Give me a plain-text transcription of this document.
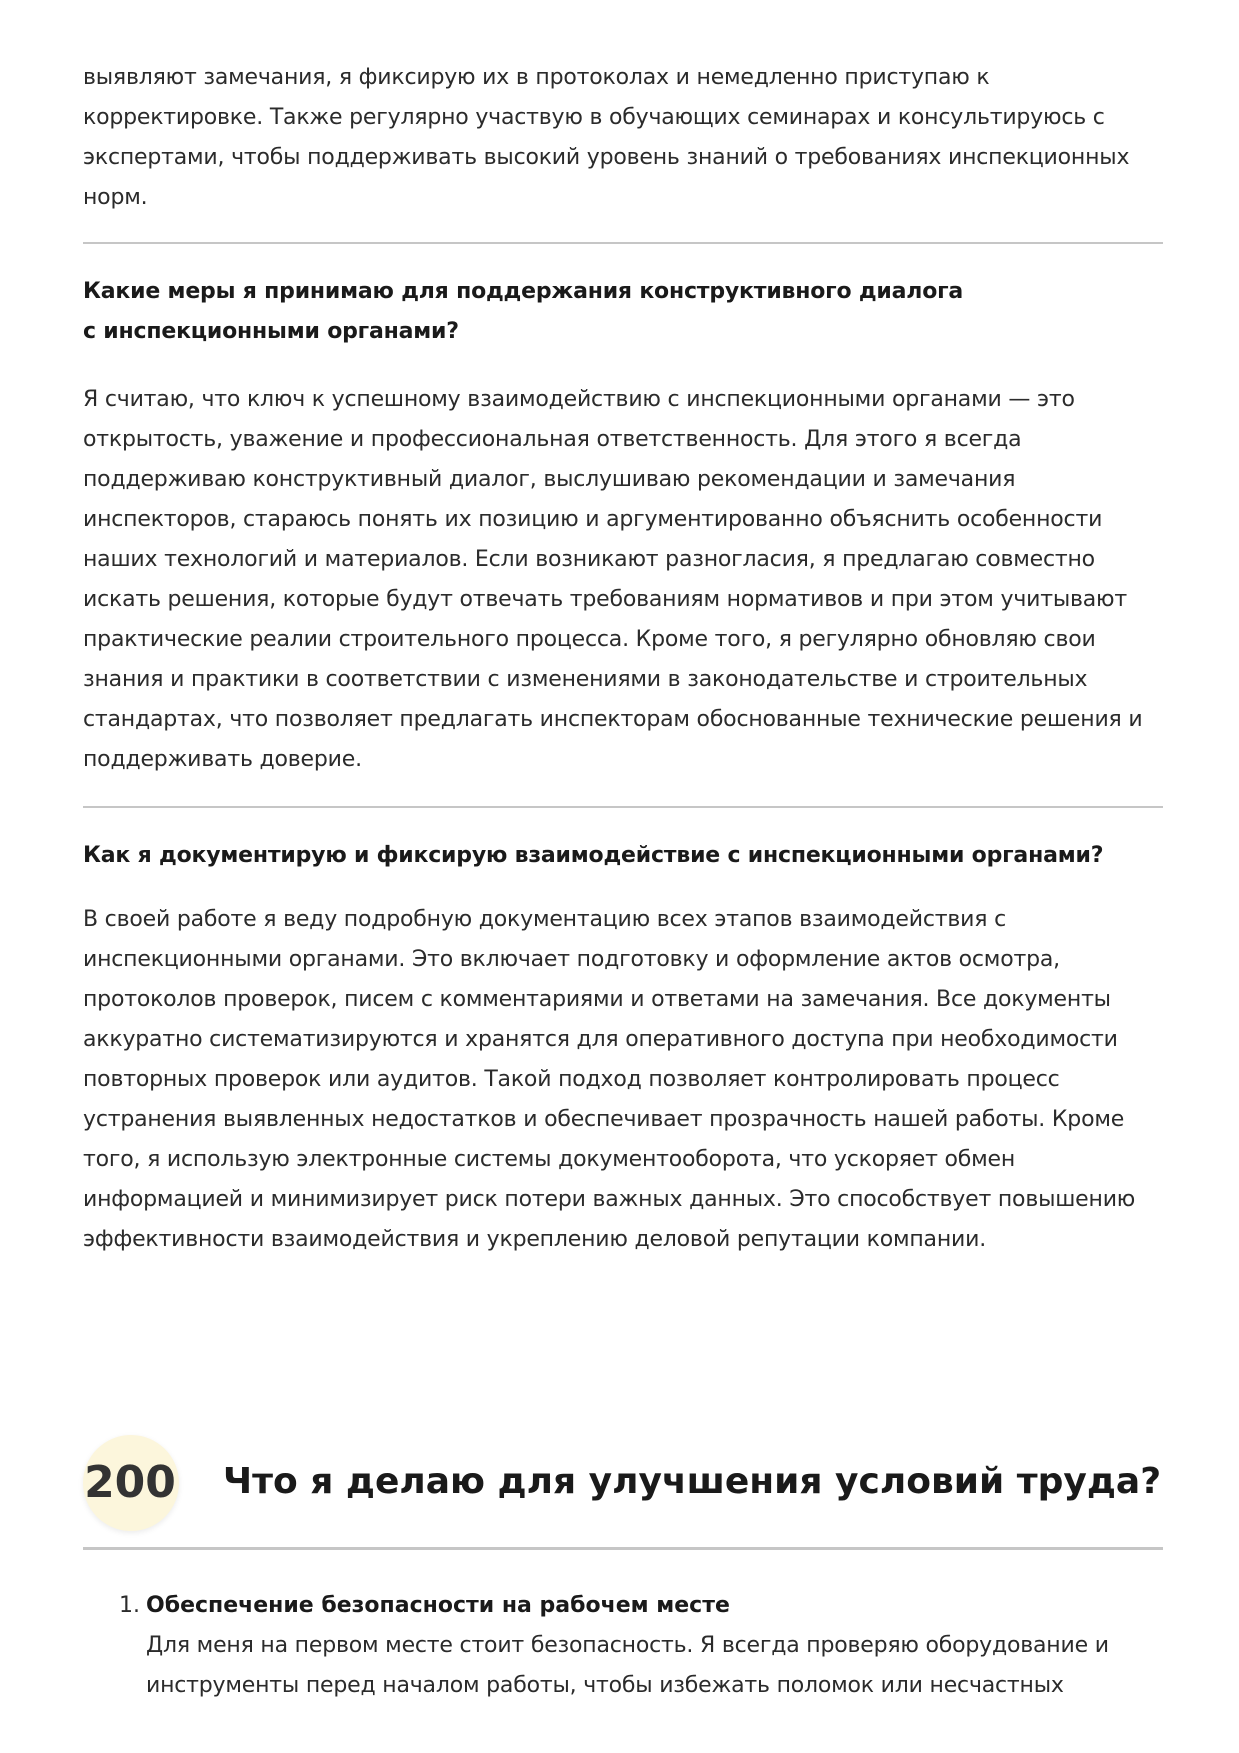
выявляют замечания, я фиксирую их в протоколах и немедленно приступаю к корректировке. Также регулярно участвую в обучающих семинарах и консультируюсь с экспертами, чтобы поддерживать высокий уровень знаний о требованиях инспекционных норм.

Какие меры я принимаю для поддержания конструктивного диалога с инспекционными органами?

Я считаю, что ключ к успешному взаимодействию с инспекционными органами — это открытость, уважение и профессиональная ответственность. Для этого я всегда поддерживаю конструктивный диалог, выслушиваю рекомендации и замечания инспекторов, стараюсь понять их позицию и аргументированно объяснить особенности наших технологий и материалов. Если возникают разногласия, я предлагаю совместно искать решения, которые будут отвечать требованиям нормативов и при этом учитывают практические реалии строительного процесса. Кроме того, я регулярно обновляю свои знания и практики в соответствии с изменениями в законодательстве и строительных стандартах, что позволяет предлагать инспекторам обоснованные технические решения и поддерживать доверие.

Как я документирую и фиксирую взаимодействие с инспекционными органами?

В своей работе я веду подробную документацию всех этапов взаимодействия с инспекционными органами. Это включает подготовку и оформление актов осмотра, протоколов проверок, писем с комментариями и ответами на замечания. Все документы аккуратно систематизируются и хранятся для оперативного доступа при необходимости повторных проверок или аудитов. Такой подход позволяет контролировать процесс устранения выявленных недостатков и обеспечивает прозрачность нашей работы. Кроме того, я использую электронные системы документооборота, что ускоряет обмен информацией и минимизирует риск потери важных данных. Это способствует повышению эффективности взаимодействия и укреплению деловой репутации компании.

200 Что я делаю для улучшения условий труда?
1. Обеспечение безопасности на рабочем месте

Для меня на первом месте стоит безопасность. Я всегда проверяю оборудование и инструменты перед началом работы, чтобы избежать поломок или несчастных
